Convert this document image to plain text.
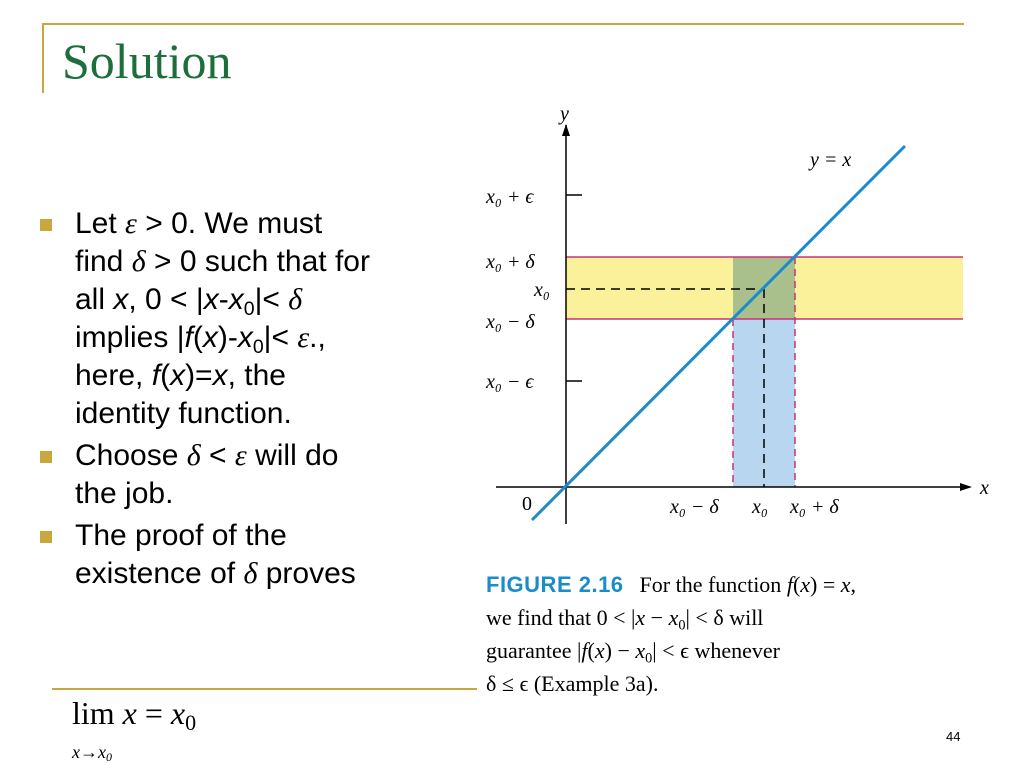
Solution
Let ε > 0. We must
find δ > 0 such that for
all x, $0 < |x-x_0|< \delta$
implies $|f(x)-x_0|< \varepsilon$.,
here, f(x)=x, the
identity function.
Choose δ < ε will do
the job.
The proof of the
existence of δ proves
lim x = x0
x→x0
y
x
0
y = x
x₀ + ϵ
x₀ + δ
x₀
x₀ − δ
x₀ − ϵ
x₀ − δ x₀ x₀ + δ
FIGURE 2.16 For the function f(x) = x,
we find that $0 < |x - x_0| < \delta$ will
guarantee $|f(x) - x_0| < \epsilon$ whenever
δ ≤ ϵ (Example 3a).
44
